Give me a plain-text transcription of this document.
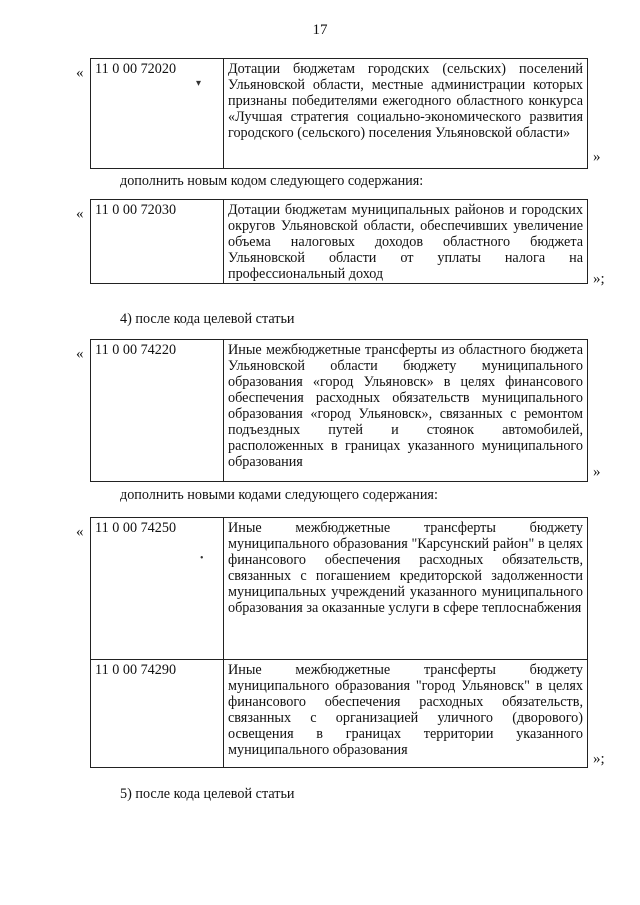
17
« 11 0 00 72020	Дотации бюджетам городских (сельских) поселений Ульяновской области, местные администрации которых признаны победителями ежегодного областного конкурса «Лучшая стратегия социально-экономического развития городского (сельского) поселения Ульяновской области»
▾
»
дополнить новым кодом следующего содержания:
« 11 0 00 72030	Дотации бюджетам муниципальных районов и городских округов Ульяновской области, обеспечивших увеличение объема налоговых доходов областного бюджета Ульяновской области от уплаты налога на профессиональный доход	»;
4) после кода целевой статьи
« 11 0 00 74220	Иные межбюджетные трансферты из областного бюджета Ульяновской области бюджету муниципального образования «город Ульяновск» в целях финансового обеспечения расходных обязательств муниципального образования «город Ульяновск», связанных с ремонтом подъездных путей и стоянок автомобилей, расположенных в границах указанного муниципального образования
»
дополнить новыми кодами следующего содержания:
« 11 0 00 74250	Иные межбюджетные трансферты бюджету муниципального образования "Карсунский район" в целях финансового обеспечения расходных обязательств, связанных с погашением кредиторской задолженности муниципальных учреждений указанного муниципального образования за оказанные услуги в сфере теплоснабжения
11 0 00 74290	Иные межбюджетные трансферты бюджету муниципального образования "город Ульяновск" в целях финансового обеспечения расходных обязательств, связанных с организацией уличного (дворового) освещения в границах территории указанного муниципального образования
•
»;
5) после кода целевой статьи
